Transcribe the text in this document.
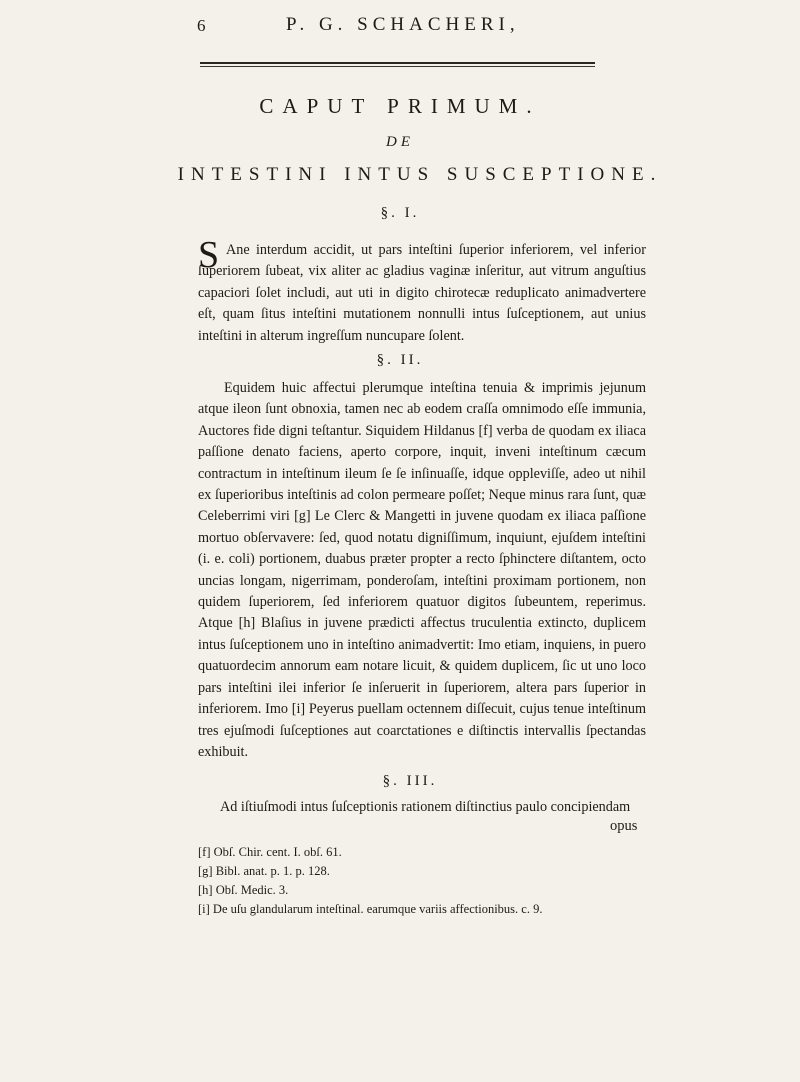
6	P. G. SCHACHERI,
CAPUT PRIMUM.
DE
INTESTINI INTUS SUSCEPTIONE.
§. I.
S Ane interdum accidit, ut pars inteſtini ſuperior inferiorem, vel inferior ſuperiorem ſubeat, vix aliter ac gladius vaginæ inſeritur, aut vitrum anguſtius capaciori ſolet includi, aut uti in digito chirotecæ reduplicato animadvertere eſt, quam ſitus inteſtini mutationem nonnulli intus ſuſceptionem, aut unius inteſtini in alterum ingreſſum nuncupare ſolent.
§. II.
Equidem huic affectui plerumque inteſtina tenuia & imprimis jejunum atque ileon ſunt obnoxia, tamen nec ab eodem craſſa omnimodo eſſe immunia, Auctores fide digni teſtantur. Siquidem Hildanus [f] verba de quodam ex iliaca paſſione denato faciens, aperto corpore, inquit, inveni inteſtinum cæcum contractum in inteſtinum ileum ſe ſe inſinuaſſe, idque oppleviſſe, adeo ut nihil ex ſuperioribus inteſtinis ad colon permeare poſſet; Neque minus rara ſunt, quæ Celeberrimi viri [g] Le Clerc & Mangetti in juvene quodam ex iliaca paſſione mortuo obſervavere: ſed, quod notatu digniſſimum, inquiunt, ejuſdem inteſtini (i. e. coli) portionem, duabus præter propter a recto ſphinctere diſtantem, octo uncias longam, nigerrimam, ponderoſam, inteſtini proximam portionem, non quidem ſuperiorem, ſed inferiorem quatuor digitos ſubeuntem, reperimus. Atque [h] Blaſius in juvene prædicti affectus truculentia extincto, duplicem intus ſuſceptionem uno in inteſtino animadvertit: Imo etiam, inquiens, in puero quatuordecim annorum eam notare licuit, & quidem duplicem, ſic ut uno loco pars inteſtini ilei inferior ſe inſeruerit in ſuperiorem, altera pars ſuperior in inferiorem. Imo [i] Peyerus puellam octennem diſſecuit, cujus tenue inteſtinum tres ejuſmodi ſuſceptiones aut coarctationes e diſtinctis intervallis ſpectandas exhibuit.
§. III.
Ad iſtiuſmodi intus ſuſceptionis rationem diſtinctius paulo concipiendam
opus
[f] Obſ. Chir. cent. I. obſ. 61.
[g] Bibl. anat. p. 1. p. 128.
[h] Obſ. Medic. 3.
[i] De uſu glandularum inteſtinal. earumque variis affectionibus. c. 9.
